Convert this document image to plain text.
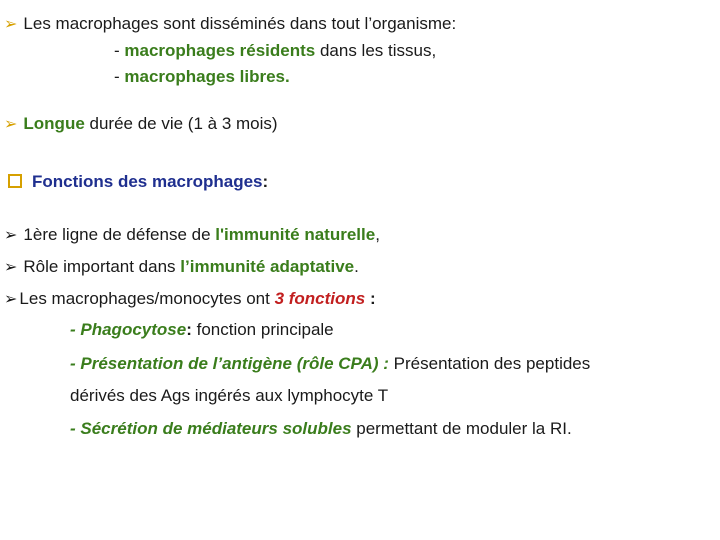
➢ Les macrophages sont disséminés dans tout l’organisme:
- macrophages résidents dans les tissus,
- macrophages libres.
➢ Longue durée de vie (1 à 3 mois)
Fonctions des macrophages:
➢ 1ère ligne de défense de l'immunité naturelle,
➢ Rôle important dans l’immunité adaptative.
➢ Les macrophages/monocytes ont 3 fonctions :
- Phagocytose: fonction principale
- Présentation de l’antigène (rôle CPA) : Présentation des peptides
dérivés des Ags ingérés aux lymphocyte T
- Sécrétion de médiateurs solubles permettant de moduler la RI.
